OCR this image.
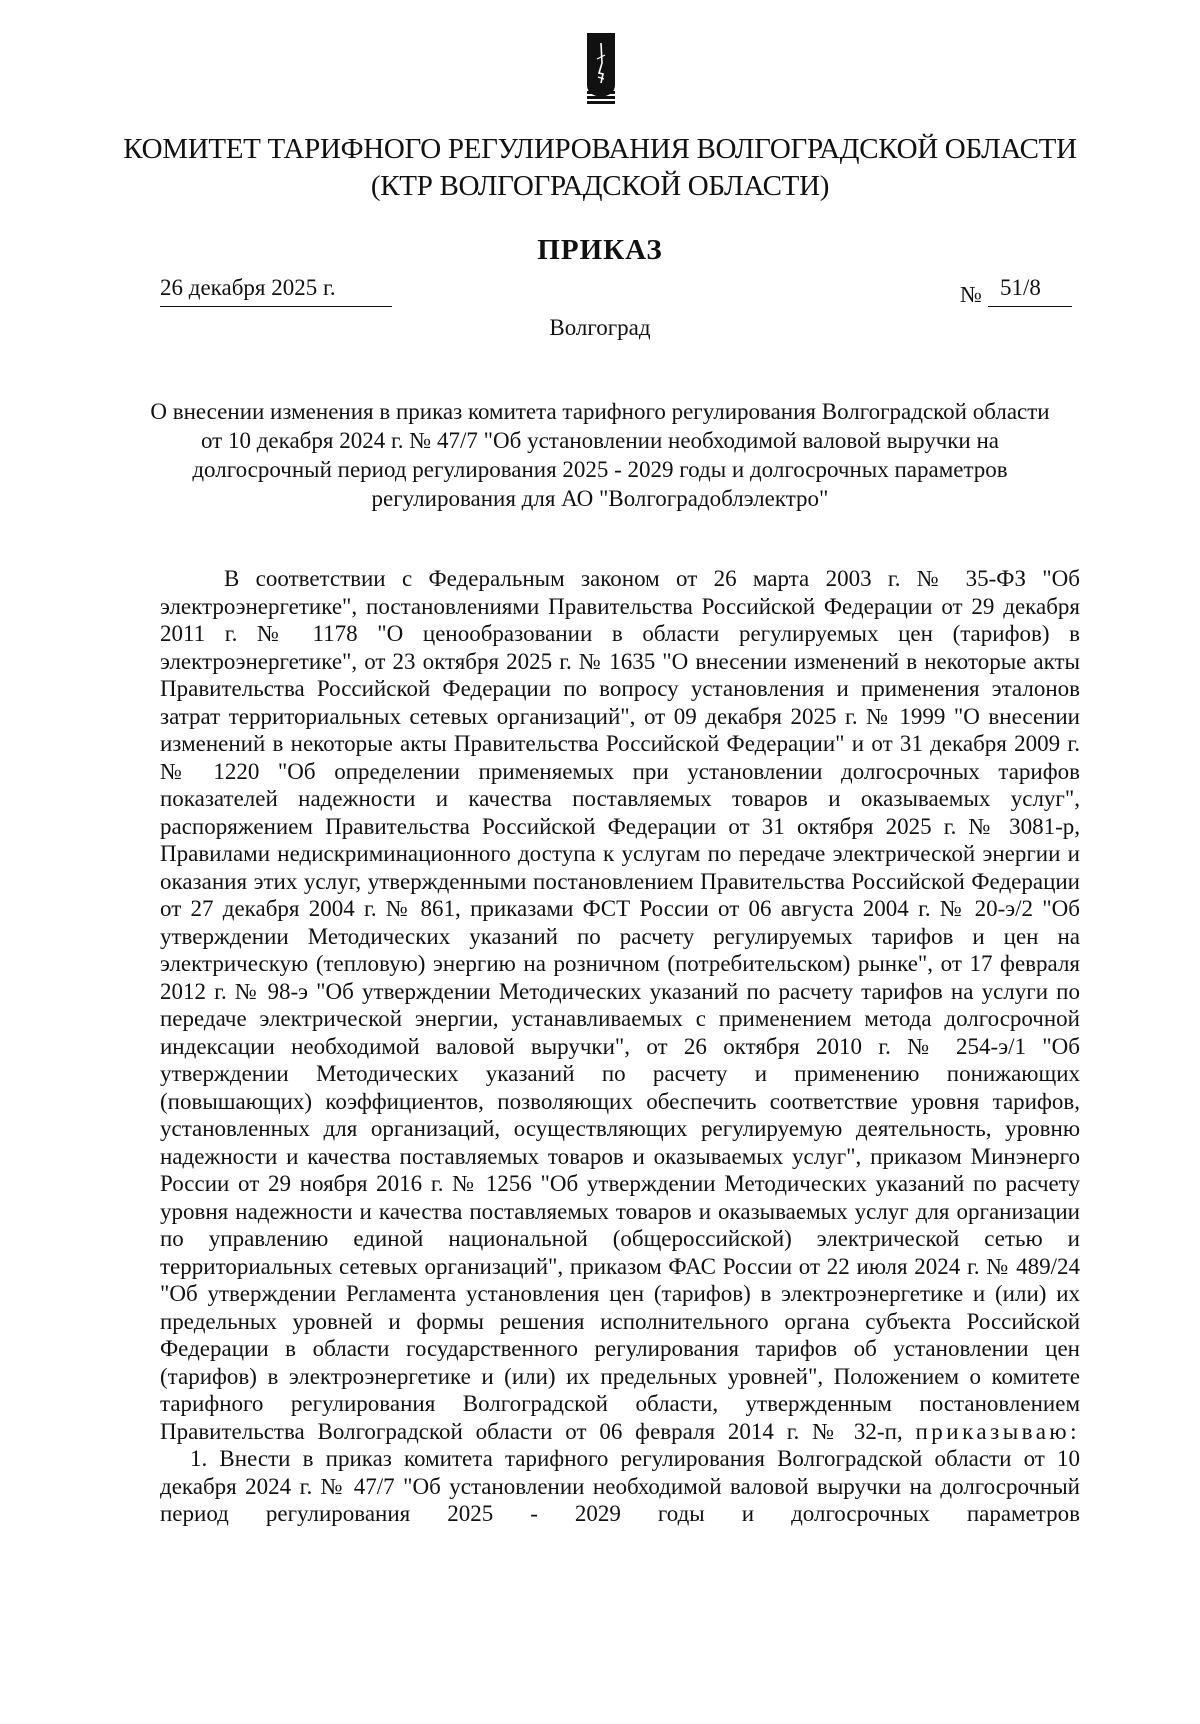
КОМИТЕТ ТАРИФНОГО РЕГУЛИРОВАНИЯ ВОЛГОГРАДСКОЙ ОБЛАСТИ
(КТР ВОЛГОГРАДСКОЙ ОБЛАСТИ)
ПРИКАЗ
26 декабря 2025 г.	№ 51/8
Волгоград
О внесении изменения в приказ комитета тарифного регулирования Волгоградской области от 10 декабря 2024 г. № 47/7 "Об установлении необходимой валовой выручки на долгосрочный период регулирования 2025 - 2029 годы и долгосрочных параметров регулирования для АО "Волгоградоблэлектро"

В соответствии с Федеральным законом от 26 марта 2003 г. № 35-ФЗ "Об электроэнергетике", постановлениями Правительства Российской Федерации от 29 декабря 2011 г. № 1178 "О ценообразовании в области регулируемых цен (тарифов) в электроэнергетике", от 23 октября 2025 г. № 1635 "О внесении изменений в некоторые акты Правительства Российской Федерации по вопросу установления и применения эталонов затрат территориальных сетевых организаций", от 09 декабря 2025 г. № 1999 "О внесении изменений в некоторые акты Правительства Российской Федерации" и от 31 декабря 2009 г. № 1220 "Об определении применяемых при установлении долгосрочных тарифов показателей надежности и качества поставляемых товаров и оказываемых услуг", распоряжением Правительства Российской Федерации от 31 октября 2025 г. № 3081-р, Правилами недискриминационного доступа к услугам по передаче электрической энергии и оказания этих услуг, утвержденными постановлением Правительства Российской Федерации от 27 декабря 2004 г. № 861, приказами ФСТ России от 06 августа 2004 г. № 20-э/2 "Об утверждении Методических указаний по расчету регулируемых тарифов и цен на электрическую (тепловую) энергию на розничном (потребительском) рынке", от 17 февраля 2012 г. № 98-э "Об утверждении Методических указаний по расчету тарифов на услуги по передаче электрической энергии, устанавливаемых с применением метода долгосрочной индексации необходимой валовой выручки", от 26 октября 2010 г. № 254-э/1 "Об утверждении Методических указаний по расчету и применению понижающих (повышающих) коэффициентов, позволяющих обеспечить соответствие уровня тарифов, установленных для организаций, осуществляющих регулируемую деятельность, уровню надежности и качества поставляемых товаров и оказываемых услуг", приказом Минэнерго России от 29 ноября 2016 г. № 1256 "Об утверждении Методических указаний по расчету уровня надежности и качества поставляемых товаров и оказываемых услуг для организации по управлению единой национальной (общероссийской) электрической сетью и территориальных сетевых организаций", приказом ФАС России от 22 июля 2024 г. № 489/24 "Об утверждении Регламента установления цен (тарифов) в электроэнергетике и (или) их предельных уровней и формы решения исполнительного органа субъекта Российской Федерации в области государственного регулирования тарифов об установлении цен (тарифов) в электроэнергетике и (или) их предельных уровней", Положением о комитете тарифного регулирования Волгоградской области, утвержденным постановлением Правительства Волгоградской области от 06 февраля 2014 г. № 32-п, приказываю:

1. Внести в приказ комитета тарифного регулирования Волгоградской области от 10 декабря 2024 г. № 47/7 "Об установлении необходимой валовой выручки на долгосрочный период регулирования 2025 - 2029 годы и долгосрочных параметров
